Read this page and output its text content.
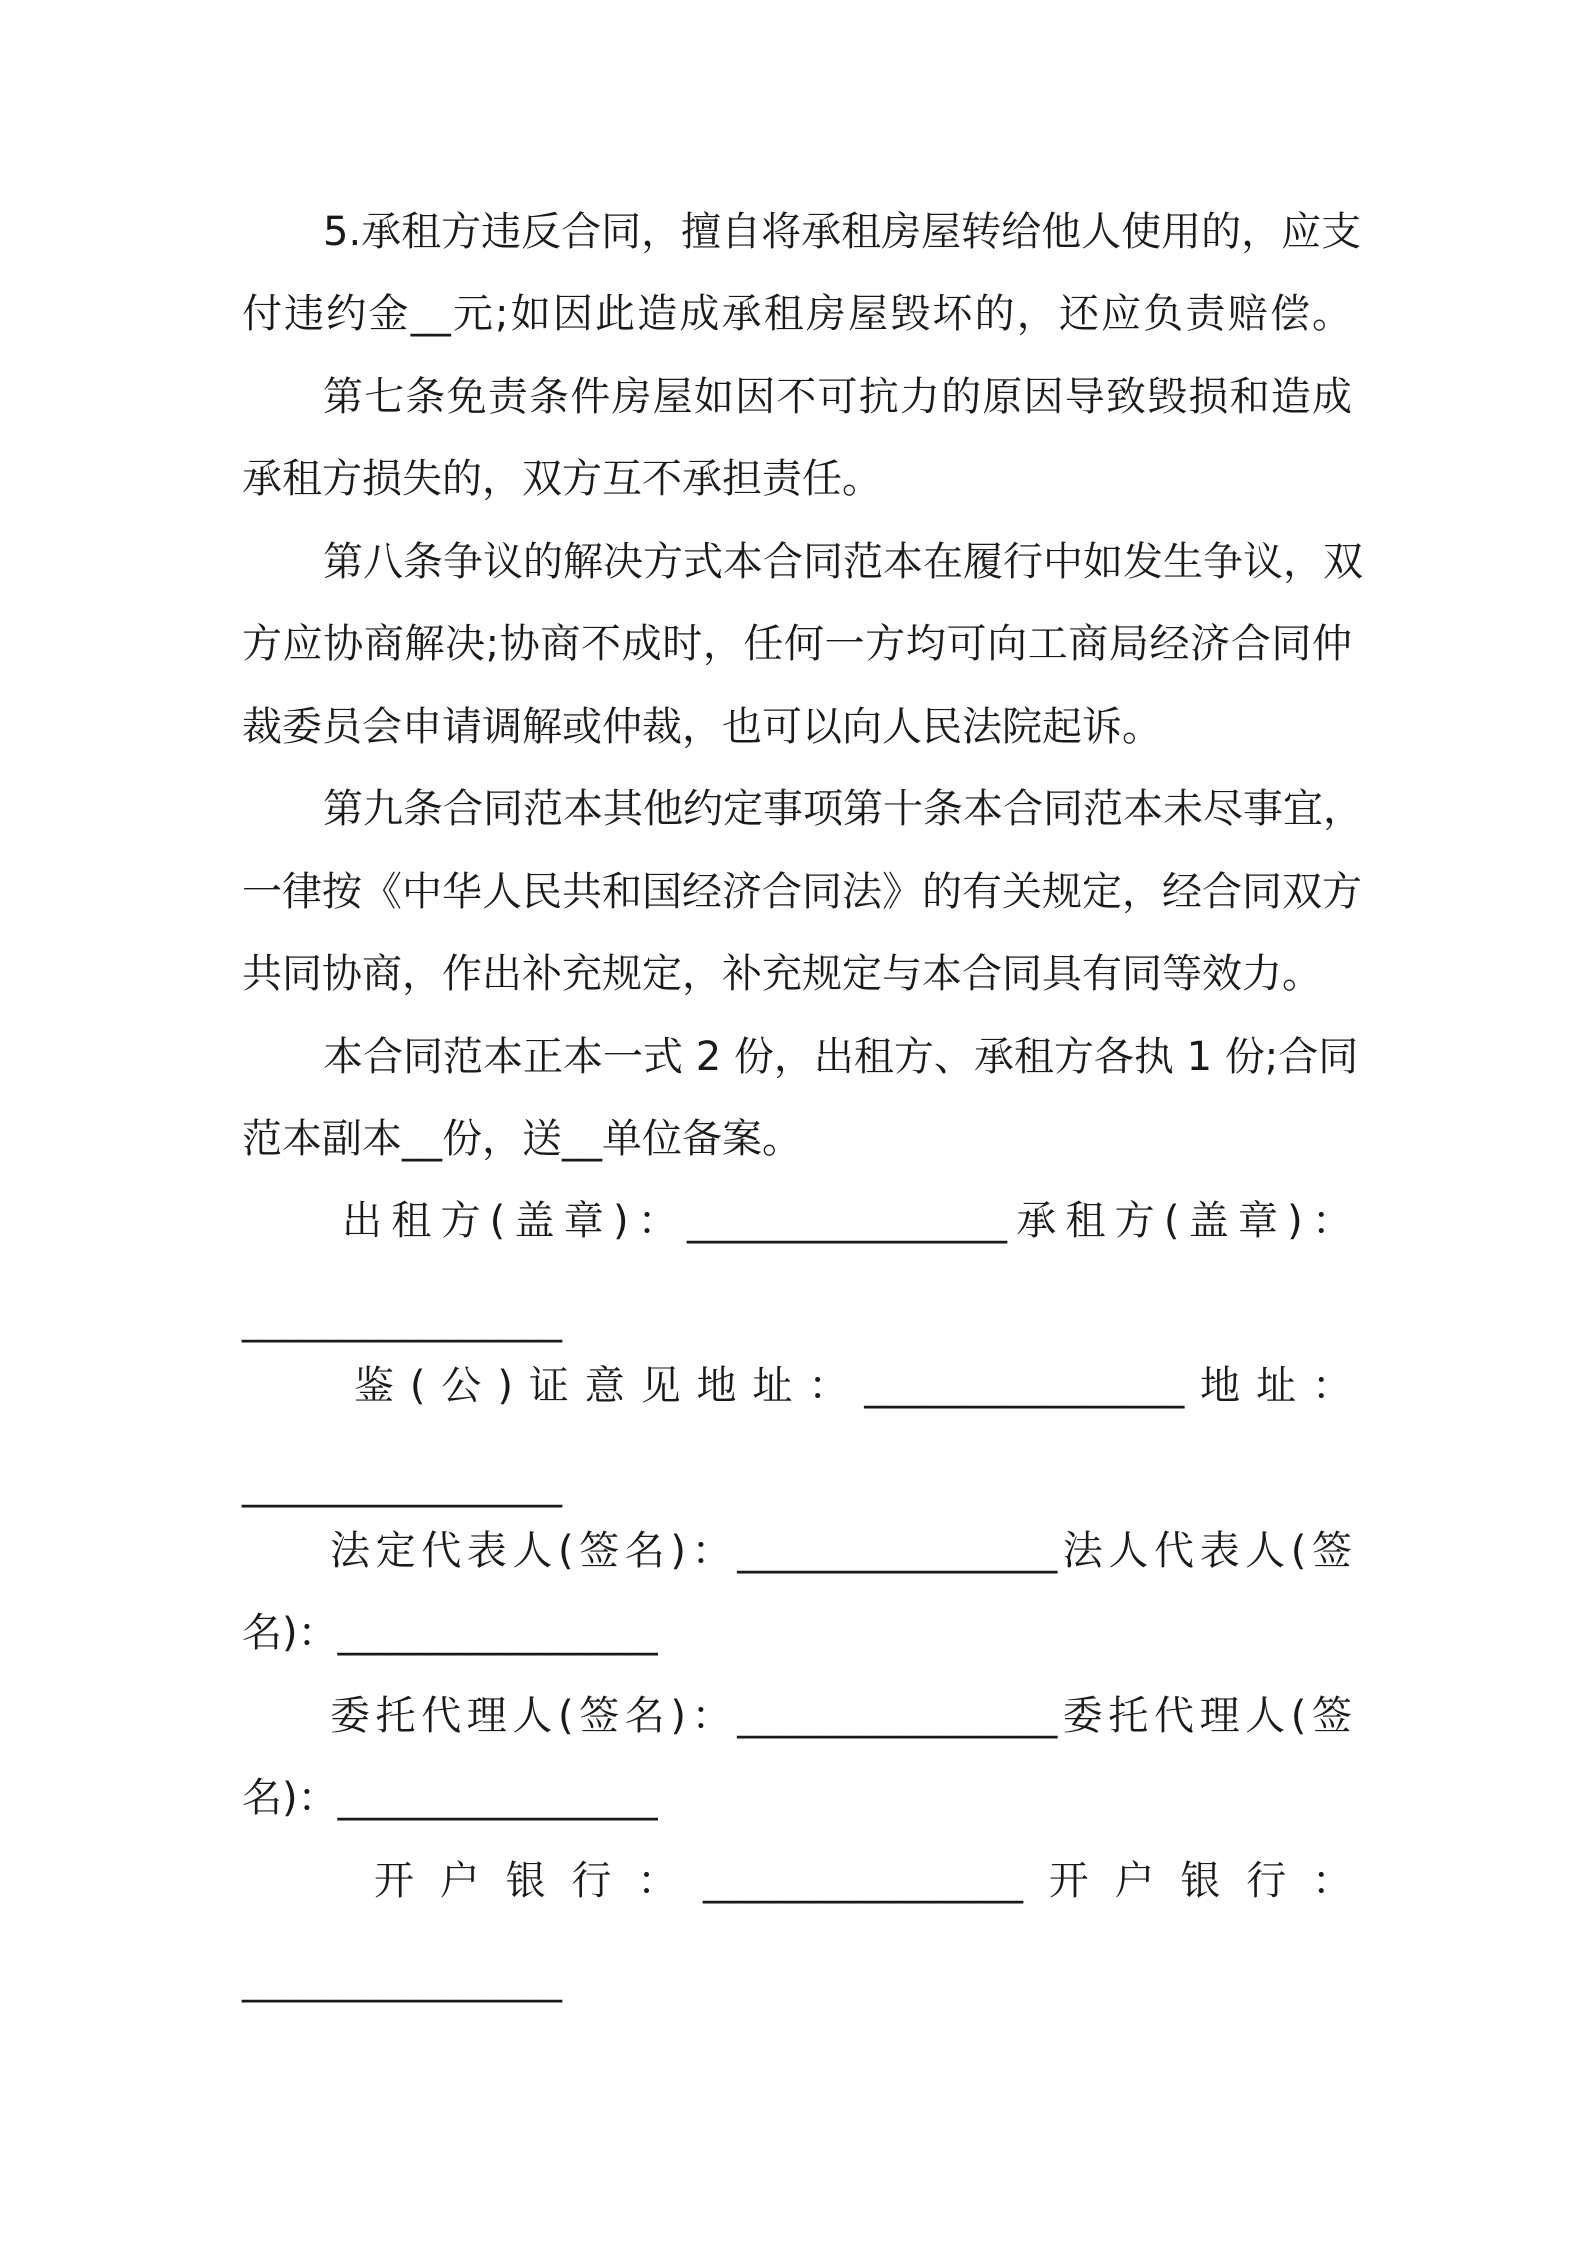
5.承租方违反合同，擅自将承租房屋转给他人使用的，应支
付违约金__元;如因此造成承租房屋毁坏的，还应负责赔偿。
第七条免责条件房屋如因不可抗力的原因导致毁损和造成
承租方损失的，双方互不承担责任。
第八条争议的解决方式本合同范本在履行中如发生争议，双
方应协商解决;协商不成时，任何一方均可向工商局经济合同仲
裁委员会申请调解或仲裁，也可以向人民法院起诉。
第九条合同范本其他约定事项第十条本合同范本未尽事宜，
一律按《中华人民共和国经济合同法》的有关规定，经合同双方
共同协商，作出补充规定，补充规定与本合同具有同等效力。
本合同范本正本一式 2 份，出租方、承租方各执 1 份;合同
范本副本__份，送__单位备案。
出租方(盖章)：________________承租方(盖章)：
________________
鉴(公)证意见地址：________________地址：
________________
法定代表人(签名)：________________法人代表人(签
名)：________________
委托代理人(签名)：________________委托代理人(签
名)：________________
开户银行：________________开户银行：
________________
